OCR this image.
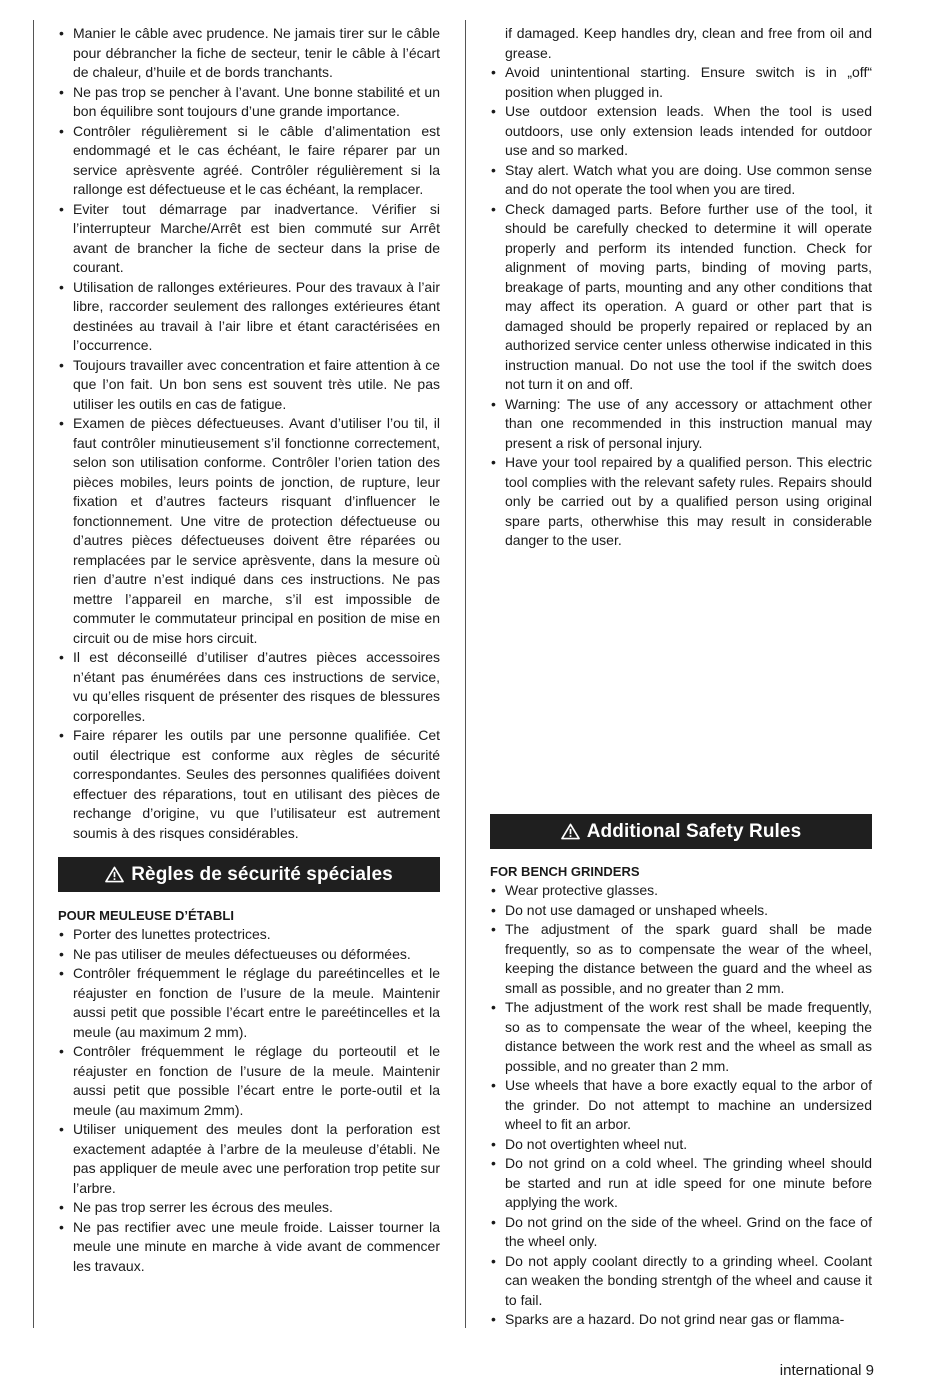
• Manier le câble avec prudence. Ne jamais tirer sur le câble pour débrancher la fiche de secteur, tenir le câble à l’écart de chaleur, d’huile et de bords tranchants.
• Ne pas trop se pencher à l’avant. Une bonne stabilité et un bon équilibre sont toujours d’une grande importance.
• Contrôler régulièrement si le câble d’alimentation est endommagé et le cas échéant, le faire réparer par un service aprèsvente agréé. Contrôler régulièrement si la rallonge est défectueuse et le cas échéant, la remplacer.
• Eviter tout démarrage par inadvertance. Vérifier si l’interrupteur Marche/Arrêt est bien commuté sur Arrêt avant de brancher la fiche de secteur dans la prise de courant.
• Utilisation de rallonges extérieures. Pour des travaux à l’air libre, raccorder seulement des rallonges extérieures étant destinées au travail à l’air libre et étant caractérisées en l’occurrence.
• Toujours travailler avec concentration et faire attention à ce que l’on fait. Un bon sens est souvent très utile. Ne pas utiliser les outils en cas de fatigue.
• Examen de pièces défectueuses. Avant d’utiliser l’ou til, il faut contrôler minutieusement s’il fonctionne correctement, selon son utilisation conforme. Contrôler l’orien tation des pièces mobiles, leurs points de jonction, de rupture, leur fixation et d’autres facteurs risquant d’influencer le fonctionnement. Une vitre de protection défectueuse ou d’autres pièces défectueuses doivent être réparées ou remplacées par le service aprèsvente, dans la mesure où rien d’autre n’est indiqué dans ces instructions. Ne pas mettre l’appareil en marche, s’il est impossible de commuter le commutateur principal en position de mise en circuit ou de mise hors circuit.
• Il est déconseillé d’utiliser d’autres pièces accessoires n’étant pas énumérées dans ces instructions de service, vu qu’elles risquent de présenter des risques de blessures corporelles.
• Faire réparer les outils par une personne qualifiée. Cet outil électrique est conforme aux règles de sécurité correspondantes. Seules des personnes qualifiées doivent effectuer des réparations, tout en utilisant des pièces de rechange d’origine, vu que l’utilisateur est autrement soumis à des risques considérables.
Règles de sécurité spéciales

POUR MEULEUSE D’ÉTABLI

• Porter des lunettes protectrices.
• Ne pas utiliser de meules défectueuses ou déformées.
• Contrôler fréquemment le réglage du pareétincelles et le réajuster en fonction de l’usure de la meule. Maintenir aussi petit que possible l’écart entre le pareétincelles et la meule (au maximum 2 mm).
• Contrôler fréquemment le réglage du porteoutil et le réajuster en fonction de l’usure de la meule. Maintenir aussi petit que possible l’écart entre le porte-outil et la meule (au maximum 2mm).
• Utiliser uniquement des meules dont la perforation est exactement adaptée à l’arbre de la meuleuse d’établi. Ne pas appliquer de meule avec une perforation trop petite sur l’arbre.
• Ne pas trop serrer les écrous des meules.
• Ne pas rectifier avec une meule froide. Laisser tourner la meule une minute en marche à vide avant de commencer les travaux.
if damaged. Keep handles dry, clean and free from oil and grease.
• Avoid unintentional starting. Ensure switch is in „off“ position when plugged in.
• Use outdoor extension leads. When the tool is used outdoors, use only extension leads intended for outdoor use and so marked.
• Stay alert. Watch what you are doing. Use common sense and do not operate the tool when you are tired.
• Check damaged parts. Before further use of the tool, it should be carefully checked to determine it will operate properly and perform its intended function. Check for alignment of moving parts, binding of moving parts, breakage of parts, mounting and any other conditions that may affect its operation. A guard or other part that is damaged should be properly repaired or replaced by an authorized service center unless otherwise indicated in this instruction manual. Do not use the tool if the switch does not turn it on and off.
• Warning: The use of any accessory or attachment other than one recommended in this instruction manual may present a risk of personal injury.
• Have your tool repaired by a qualified person. This electric tool complies with the relevant safety rules. Repairs should only be carried out by a qualified person using original spare parts, otherwhise this may result in considerable danger to the user.
Additional Safety Rules

FOR BENCH GRINDERS

• Wear protective glasses.
• Do not use damaged or unshaped wheels.
• The adjustment of the spark guard shall be made frequently, so as to compensate the wear of the wheel, keeping the distance between the guard and the wheel as small as possible, and no greater than 2 mm.
• The adjustment of the work rest shall be made frequently, so as to compensate the wear of the wheel, keeping the distance between the work rest and the wheel as small as possible, and no greater than 2 mm.
• Use wheels that have a bore exactly equal to the arbor of the grinder. Do not attempt to machine an undersized wheel to fit an arbor.
• Do not overtighten wheel nut.
• Do not grind on a cold wheel. The grinding wheel should be started and run at idle speed for one minute before applying the work.
• Do not grind on the side of the wheel. Grind on the face of the wheel only.
• Do not apply coolant directly to a grinding wheel. Coolant can weaken the bonding strentgh of the wheel and cause it to fail.
• Sparks are a hazard. Do not grind near gas or flamma-
international 9
